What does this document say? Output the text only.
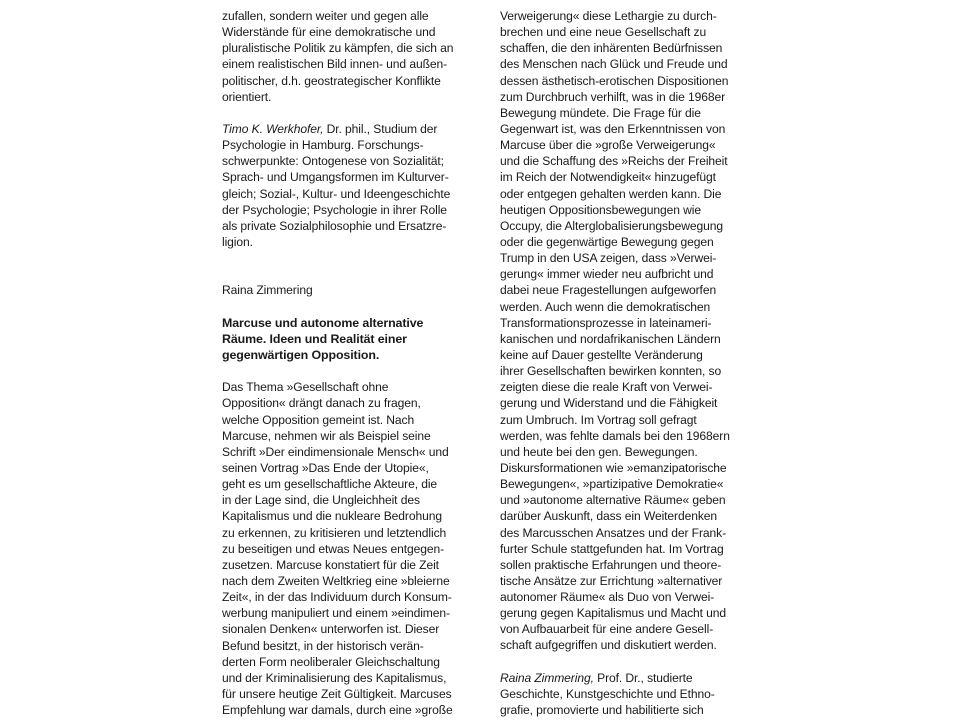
zufallen, sondern weiter und gegen alle
Widerstände für eine demokratische und
pluralistische Politik zu kämpfen, die sich an
einem realistischen Bild innen- und außen-
politischer, d.h. geostrategischer Konflikte
orientiert.
Timo K. Werkhofer, Dr. phil., Studium der
Psychologie in Hamburg. Forschungs-
schwerpunkte: Ontogenese von Sozialität;
Sprach- und Umgangsformen im Kulturver-
gleich; Sozial-, Kultur- und Ideengeschichte
der Psychologie; Psychologie in ihrer Rolle
als private Sozialphilosophie und Ersatzre-
ligion.
Raina Zimmering
Marcuse und autonome alternative
Räume. Ideen und Realität einer
gegenwärtigen Opposition.
Das Thema »Gesellschaft ohne
Opposition« drängt danach zu fragen,
welche Opposition gemeint ist. Nach
Marcuse, nehmen wir als Beispiel seine
Schrift »Der eindimensionale Mensch« und
seinen Vortrag »Das Ende der Utopie«,
geht es um gesellschaftliche Akteure, die
in der Lage sind, die Ungleichheit des
Kapitalismus und die nukleare Bedrohung
zu erkennen, zu kritisieren und letztendlich
zu beseitigen und etwas Neues entgegen-
zusetzen. Marcuse konstatiert für die Zeit
nach dem Zweiten Weltkrieg eine »bleierne
Zeit«, in der das Individuum durch Konsum-
werbung manipuliert und einem »eindimen-
sionalen Denken« unterworfen ist. Dieser
Befund besitzt, in der historisch verän-
derten Form neoliberaler Gleichschaltung
und der Kriminalisierung des Kapitalismus,
für unsere heutige Zeit Gültigkeit. Marcuses
Empfehlung war damals, durch eine »große
Verweigerung« diese Lethargie zu durch-
brechen und eine neue Gesellschaft zu
schaffen, die den inhärenten Bedürfnissen
des Menschen nach Glück und Freude und
dessen ästhetisch-erotischen Dispositionen
zum Durchbruch verhilft, was in die 1968er
Bewegung mündete. Die Frage für die
Gegenwart ist, was den Erkenntnissen von
Marcuse über die »große Verweigerung«
und die Schaffung des »Reichs der Freiheit
im Reich der Notwendigkeit« hinzugefügt
oder entgegen gehalten werden kann. Die
heutigen Oppositionsbewegungen wie
Occupy, die Alterglobalisierungsbewegung
oder die gegenwärtige Bewegung gegen
Trump in den USA zeigen, dass »Verwei-
gerung« immer wieder neu aufbricht und
dabei neue Fragestellungen aufgeworfen
werden. Auch wenn die demokratischen
Transformationsprozesse in lateinameri-
kanischen und nordafrikanischen Ländern
keine auf Dauer gestellte Veränderung
ihrer Gesellschaften bewirken konnten, so
zeigten diese die reale Kraft von Verwei-
gerung und Widerstand und die Fähigkeit
zum Umbruch. Im Vortrag soll gefragt
werden, was fehlte damals bei den 1968ern
und heute bei den gen. Bewegungen.
Diskursformationen wie »emanzipatorische
Bewegungen«, »partizipative Demokratie«
und »autonome alternative Räume« geben
darüber Auskunft, dass ein Weiterdenken
des Marcusschen Ansatzes und der Frank-
furter Schule stattgefunden hat. Im Vortrag
sollen praktische Erfahrungen und theore-
tische Ansätze zur Errichtung »alternativer
autonomer Räume« als Duo von Verwei-
gerung gegen Kapitalismus und Macht und
von Aufbauarbeit für eine andere Gesell-
schaft aufgegriffen und diskutiert werden.
Raina Zimmering, Prof. Dr., studierte
Geschichte, Kunstgeschichte und Ethno-
grafie, promovierte und habilitierte sich
